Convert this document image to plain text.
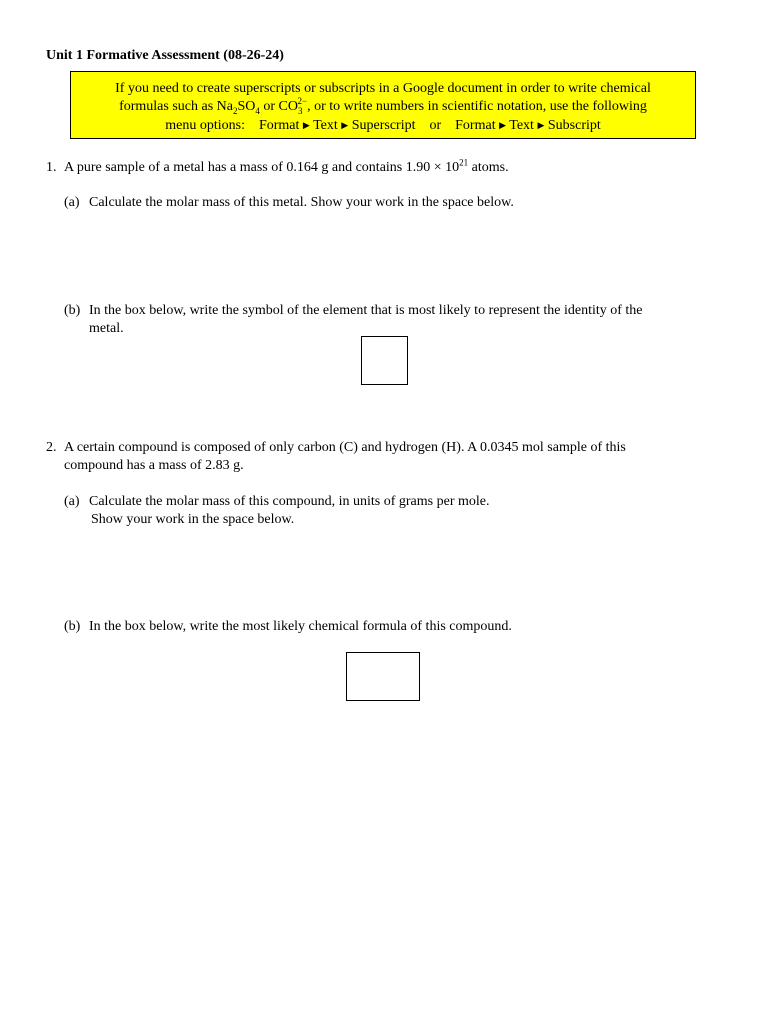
Unit 1 Formative Assessment (08-26-24)
If you need to create superscripts or subscripts in a Google document in order to write chemical
formulas such as $Na_2SO_4$ or $CO_3^{2-}$, or to write numbers in scientific notation, use the following
menu options: Format ▶ Text ▶ Superscript or Format ▶ Text ▶ Subscript
1. A pure sample of a metal has a mass of 0.164 g and contains $1.90 \times 10^{21}$ atoms.
(a) Calculate the molar mass of this metal. Show your work in the space below.
(b) In the box below, write the symbol of the element that is most likely to represent the identity of the
metal.
2. A certain compound is composed of only carbon (C) and hydrogen (H). A 0.0345 mol sample of this
compound has a mass of 2.83 g.
(a) Calculate the molar mass of this compound, in units of grams per mole.
Show your work in the space below.
(b) In the box below, write the most likely chemical formula of this compound.
